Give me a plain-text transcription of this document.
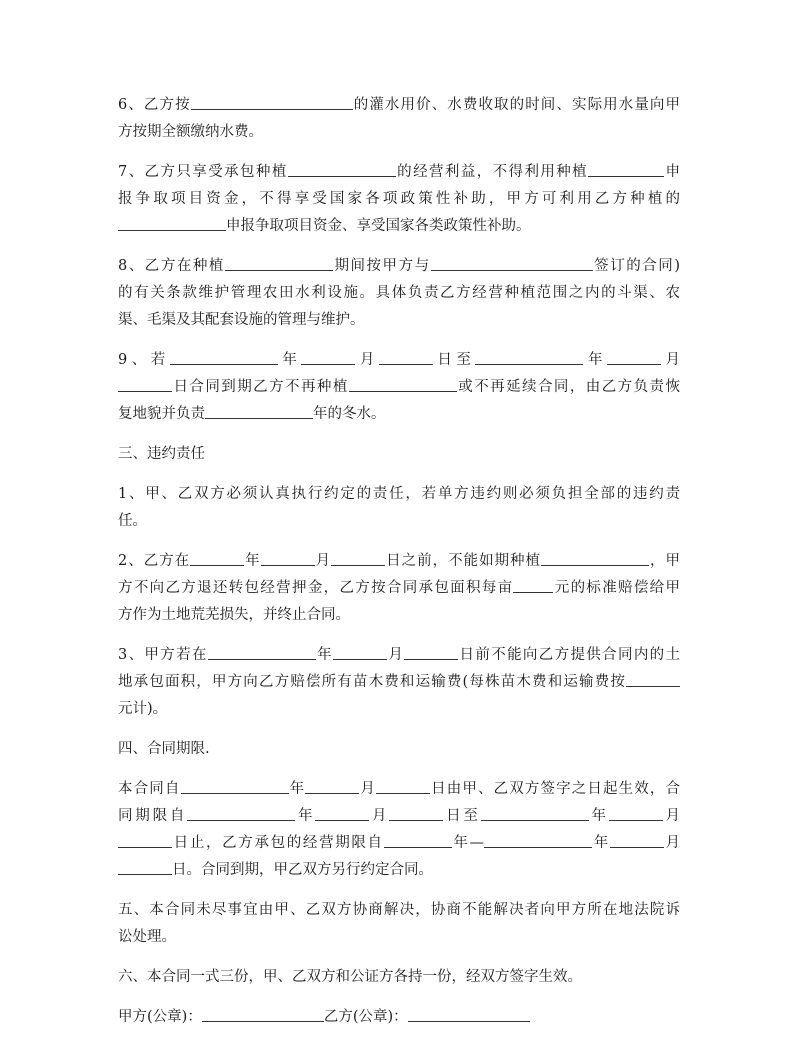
6、乙方按	的灌水用价、水费收取的时间、实际用水量向甲
方按期全额缴纳水费。
7、乙方只享受承包种植	的经营利益，不得利用种植	申
报争取项目资金，不得享受国家各项政策性补助，甲方可利用乙方种植的
申报争取项目资金、享受国家各类政策性补助。
8、乙方在种植	期间按甲方与	签订的合同)
的有关条款维护管理农田水利设施。具体负责乙方经营种植范围之内的斗渠、农
渠、毛渠及其配套设施的管理与维护。
9、若	年	月	日至	年	月
日合同到期乙方不再种植	或不再延续合同，由乙方负责恢
复地貌并负责	年的冬水。
三、违约责任
1、甲、乙双方必须认真执行约定的责任，若单方违约则必须负担全部的违约责
任。
2、乙方在	年	月	日之前，不能如期种植	，甲
方不向乙方退还转包经营押金，乙方按合同承包面积每亩	元的标准赔偿给甲
方作为土地荒芜损失，并终止合同。
3、甲方若在	年	月	日前不能向乙方提供合同内的土
地承包面积，甲方向乙方赔偿所有苗木费和运输费(每株苗木费和运输费按
元计)。
四、合同期限.
本合同自	年	月	日由甲、乙双方签字之日起生效，合
同期限自	年	月	日至	年	月
日止，乙方承包的经营期限自	年—	年	月
日。合同到期，甲乙双方另行约定合同。
五、本合同未尽事宜由甲、乙双方协商解决，协商不能解决者向甲方所在地法院诉
讼处理。
六、本合同一式三份，甲、乙双方和公证方各持一份，经双方签字生效。
甲方(公章)：	乙方(公章)：
